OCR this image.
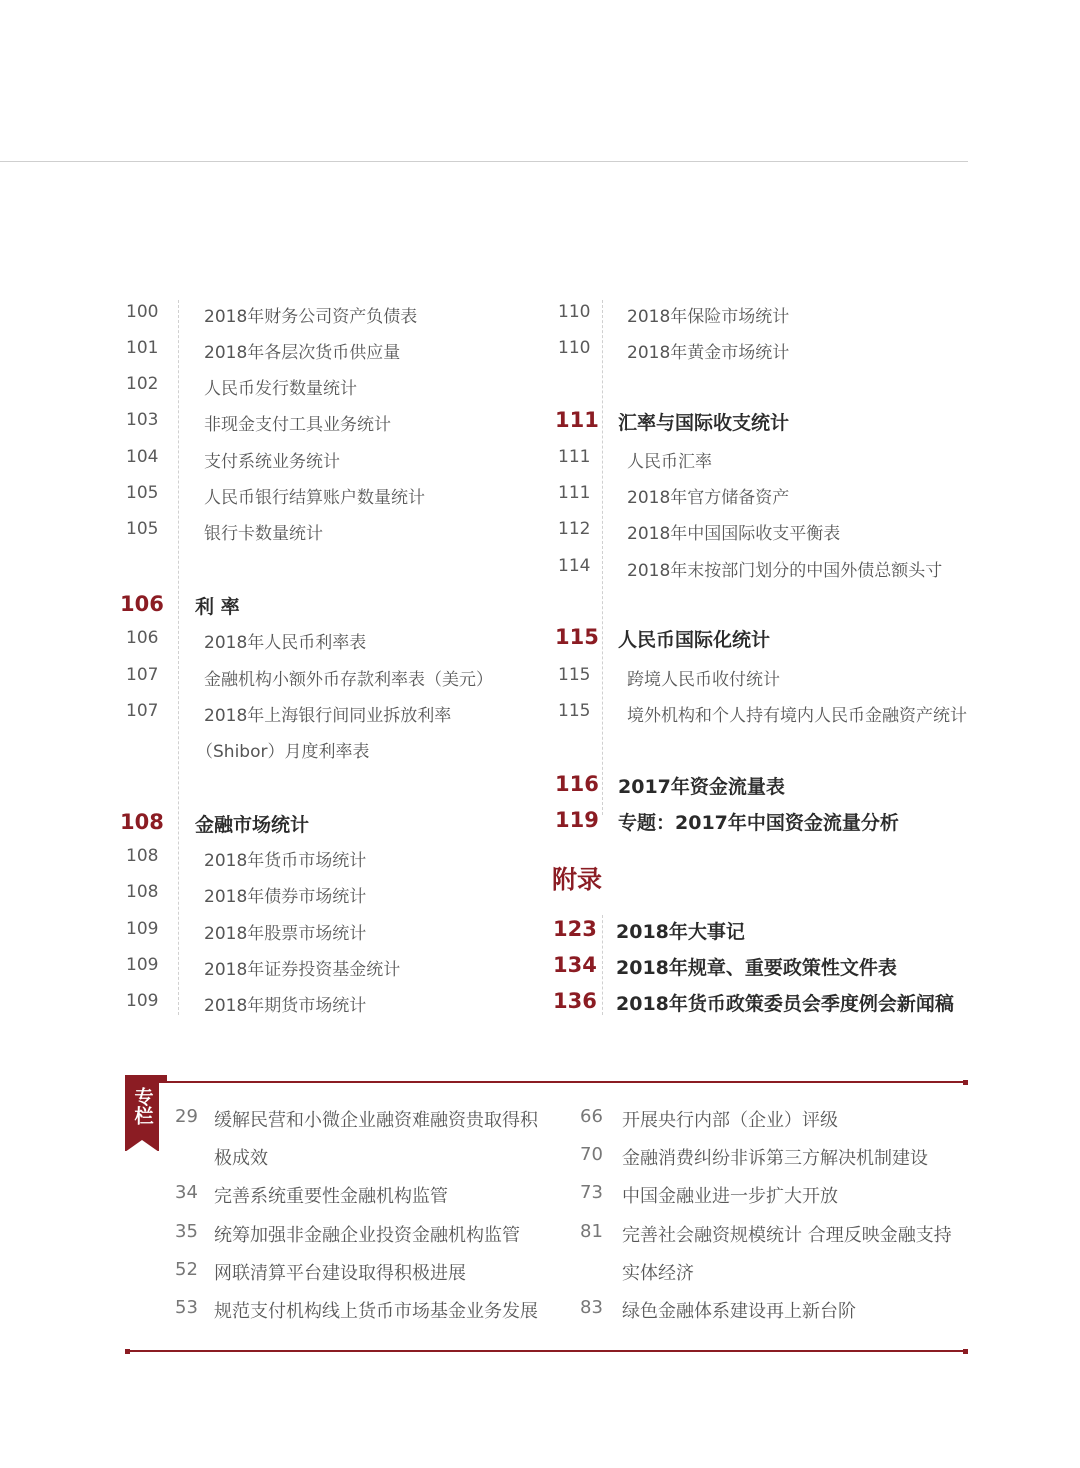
100	2018年财务公司资产负债表
101	2018年各层次货币供应量
102	人民币发行数量统计
103	非现金支付工具业务统计
104	支付系统业务统计
105	人民币银行结算账户数量统计
105	银行卡数量统计
106 利 率
106	2018年人民币利率表
107	金融机构小额外币存款利率表（美元）
107	2018年上海银行间同业拆放利率
（Shibor）月度利率表
108 金融市场统计
108	2018年货币市场统计
108	2018年债券市场统计
109	2018年股票市场统计
109	2018年证券投资基金统计
109	2018年期货市场统计
110 2018年保险市场统计
110 2018年黄金市场统计
111 汇率与国际收支统计
111 人民币汇率
111 2018年官方储备资产
112 2018年中国国际收支平衡表
114 2018年末按部门划分的中国外债总额头寸
115 人民币国际化统计
115 跨境人民币收付统计
115 境外机构和个人持有境内人民币金融资产统计
116 2017年资金流量表
119 专题：2017年中国资金流量分析
附录
123 2018年大事记
134 2018年规章、重要政策性文件表
136 2018年货币政策委员会季度例会新闻稿
专栏	29 缓解民营和小微企业融资难融资贵取得积
极成效
34 完善系统重要性金融机构监管
35 统筹加强非金融企业投资金融机构监管
52 网联清算平台建设取得积极进展
53 规范支付机构线上货币市场基金业务发展
66 开展央行内部（企业）评级
70 金融消费纠纷非诉第三方解决机制建设
73 中国金融业进一步扩大开放
81 完善社会融资规模统计 合理反映金融支持
实体经济
83 绿色金融体系建设再上新台阶
